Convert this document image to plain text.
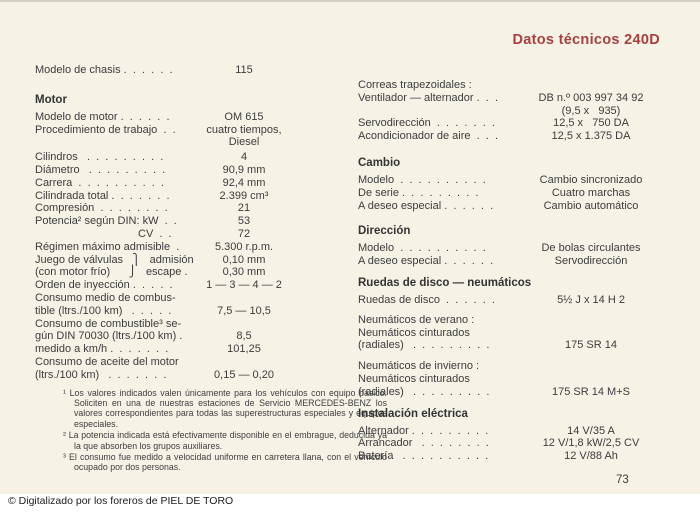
Datos técnicos 240D
Modelo de chasis .  .  .  .  .  .	115
Motor
Modelo de motor .  .  .  .  .  .	OM 615
Procedimiento de trabajo  .  .	cuatro tiempos,
Diesel
Cilindros   .  .  .  .  .  .  .  .  .	4
Diámetro   .  .  .  .  .  .  .  .  .	90,9 mm
Carrera  .  .  .  .  .  .  .  .  .  .	92,4 mm
Cilindrada total .  .  .  .  .  .  .	2.399 cm³
Compresión  .  .  .  .  .  .  .  .	21
Potencia² según DIN: kW  .  .	53
CV  .  .	72
Régimen máximo admisible  .	5.300 r.p.m.
Juego de válvulas   ⎫   admisión	0,10 mm
(con motor frío)      ⎭   escape .	0,30 mm
Orden de inyección .  .  .  .  .	1 — 3 — 4 — 2
Consumo medio de combus-
tible (ltrs./100 km)   .  .  .  .  .	7,5 — 10,5
Consumo de combustible³ se-
gún DIN 70030 (ltrs./100 km) .	8,5
medido a km/h .  .  .  .  .  .  .	101,25
Consumo de aceite del motor
(ltrs./100 km)   .  .  .  .  .  .  .	0,15 — 0,20
¹ Los valores indicados valen únicamente para los vehículos con equipo básico. Soliciten en una de nuestras estaciones de Servicio MERCEDES-BENZ los valores correspondientes para todas las superestructuras especiales y equipos especiales.
² La potencia indicada está efectivamente disponible en el embrague, deducida ya la que absorben los grupos auxiliares.
³ El consumo fue medido a velocidad uniforme en carretera llana, con el vehículo ocupado por dos personas.
Correas trapezoidales :
Ventilador — alternador .  .  .	DB n.º 003 997 34 92
(9,5 x   935)
Servodirección  .  .  .  .  .  .  .	12,5 x   750 DA
Acondicionador de aire  .  .  .	12,5 x 1.375 DA
Cambio
Modelo  .  .  .  .  .  .  .  .  .  .	Cambio sincronizado
De serie .  .  .  .  .  .  .  .  .	Cuatro marchas
A deseo especial .  .  .  .  .  .	Cambio automático
Dirección
Modelo  .  .  .  .  .  .  .  .  .  .	De bolas circulantes
A deseo especial .  .  .  .  .  .	Servodirección
Ruedas de disco — neumáticos
Ruedas de disco  .  .  .  .  .  .	5½ J x 14 H 2
Neumáticos de verano :
Neumáticos cinturados
(radiales)   .  .  .  .  .  .  .  .  .	175 SR 14
Neumáticos de invierno :
Neumáticos cinturados
(radiales)   .  .  .  .  .  .  .  .  .	175 SR 14 M+S
Instalación eléctrica
Alternador .  .  .  .  .  .  .  .  .	14 V/35 A
Arrancador   .  .  .  .  .  .  .  .	12 V/1,8 kW/2,5 CV
Batería   .  .  .  .  .  .  .  .  .  .	12 V/88 Ah
73
© Digitalizado por los foreros de PIEL DE TORO
